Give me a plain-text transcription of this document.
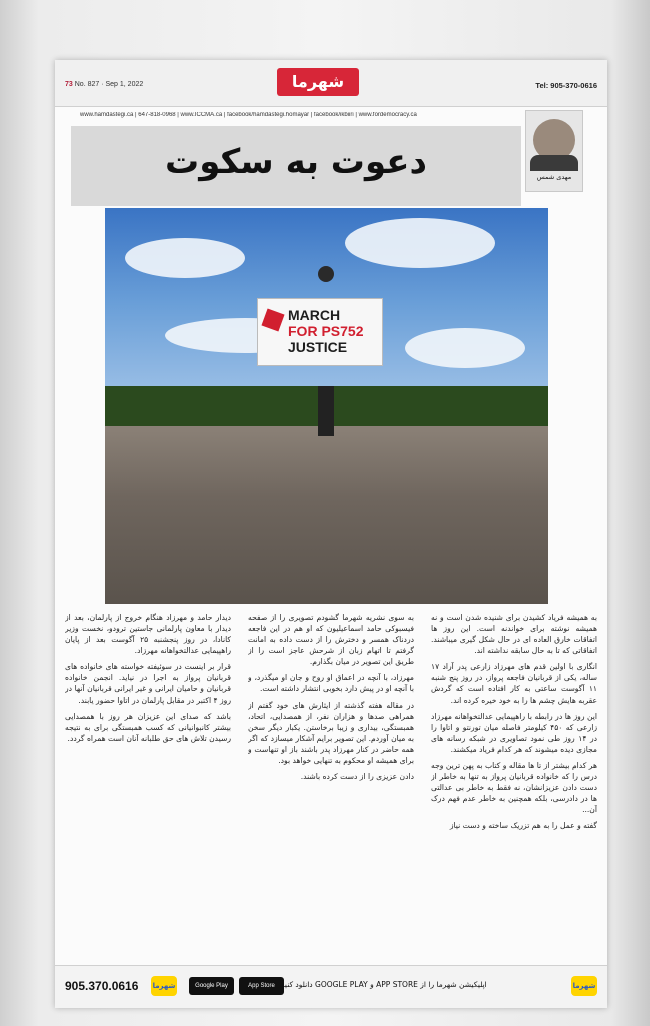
73 No. 827 · Sep 1, 2022	شهرما	Tel: 905-370-0616
www.hamdastegi.ca | 647-818-0968 | www.ICCMA.ca | facebook/hamdastegi.homayar | facebook/ikbiiri | www.fordemocracy.ca
دعوت به سکوت	مهدی شمس
MARCH
FOR PS752
JUSTICE

به همیشه فریاد کشیدن برای شنیده شدن است و نه همیشه نوشته برای خواندنه است. این روز ها اتفاقات خارق العاده ای در حال شکل گیری میباشند. اتفاقاتی که تا به حال سابقه نداشته اند.

انگاری با اولین قدم های مهرزاد زارعی پدر آراد ۱۷ ساله، یکی از قربانیان فاجعه پرواز، در روز پنج شنبه ۱۱ آگوست ساعتی به کار افتاده است که گردش عقربه هایش چشم ها را به خود خیره کرده اند.

این روز ها در رابطه با راهپیمایی عدالتخواهانه مهرزاد زارعی که ۴۵۰ کیلومتر فاصله میان تورنتو و اتاوا را در ۱۴ روز طی نمود تصاویری در شبکه رسانه های مجازی دیده میشوند که هر کدام فریاد میکشند.

هر کدام بیشتر از تا ها مقاله و کتاب به پهن ترین وجه درس را که خانواده قربانیان پرواز به تنها به خاطر از دست دادن عزیزانشان، نه فقط به خاطر بی عدالتی ها در دادرسی، بلکه همچنین به خاطر عدم فهم درک آن...

گفته و عمل را به هم تزریک ساخته و دست نیاز

به سوی نشریه شهرما گشودم تصویری را از صفحه فیسبوکی حامد اسماعیلیون که او هم در این فاجعه دردناک همسر و دخترش را از دست داده به امانت گرفتم تا اتهام زبان از شرحش عاجز است را از طریق این تصویر در میان بگذارم.

مهرزاد، با آنچه در اعماق او روح و جان او میگذرد، و با آنچه او در پیش دارد بخوبی انتشار داشته است.

در مقاله هفته گذشته از ایثارش های خود گفتم از همراهی صدها و هزاران نفر، از همصدایی، اتحاد، همبستگی، بیداری و زیبا برخاستن. یکبار دیگر سخن به میان آوردم. این تصویر برایم آشکار میسازد که اگر همه حاضر در کنار مهرزاد پدر باشند باز او تنهاست و برای همیشه او محکوم به تنهایی خواهد بود.

دادن عزیزی را از دست کرده باشند.

دیدار حامد و مهرزاد هنگام خروج از پارلمان، بعد از دیدار با معاون پارلمانی جاستین ترودو، نخست وزیر کانادا، در روز پنجشنبه ۲۵ آگوست بعد از پایان راهپیمایی عدالتخواهانه مهرزاد.

قرار بر اینست در سوئیفته خواسته های خانواده های قربانیان پرواز به اجرا در نیاید. انجمن خانواده قربانیان و حامیان ایرانی و غیر ایرانی قربانیان آنها در روز ۴ اکتبر در مقابل پارلمان در اتاوا حضور یابند.

باشد که صدای این عزیزان هر روز با همصدایی بیشتر کانبوانیانی که کسب همبستگی برای به نتیجه رسیدن تلاش های حق طلبانه آنان است همراه گردد.

905.370.0616 شهرما	Google Play	App Store اپلیکیشن شهرما را از APP STORE و GOOGLE PLAY دانلود کنید	شهرما
